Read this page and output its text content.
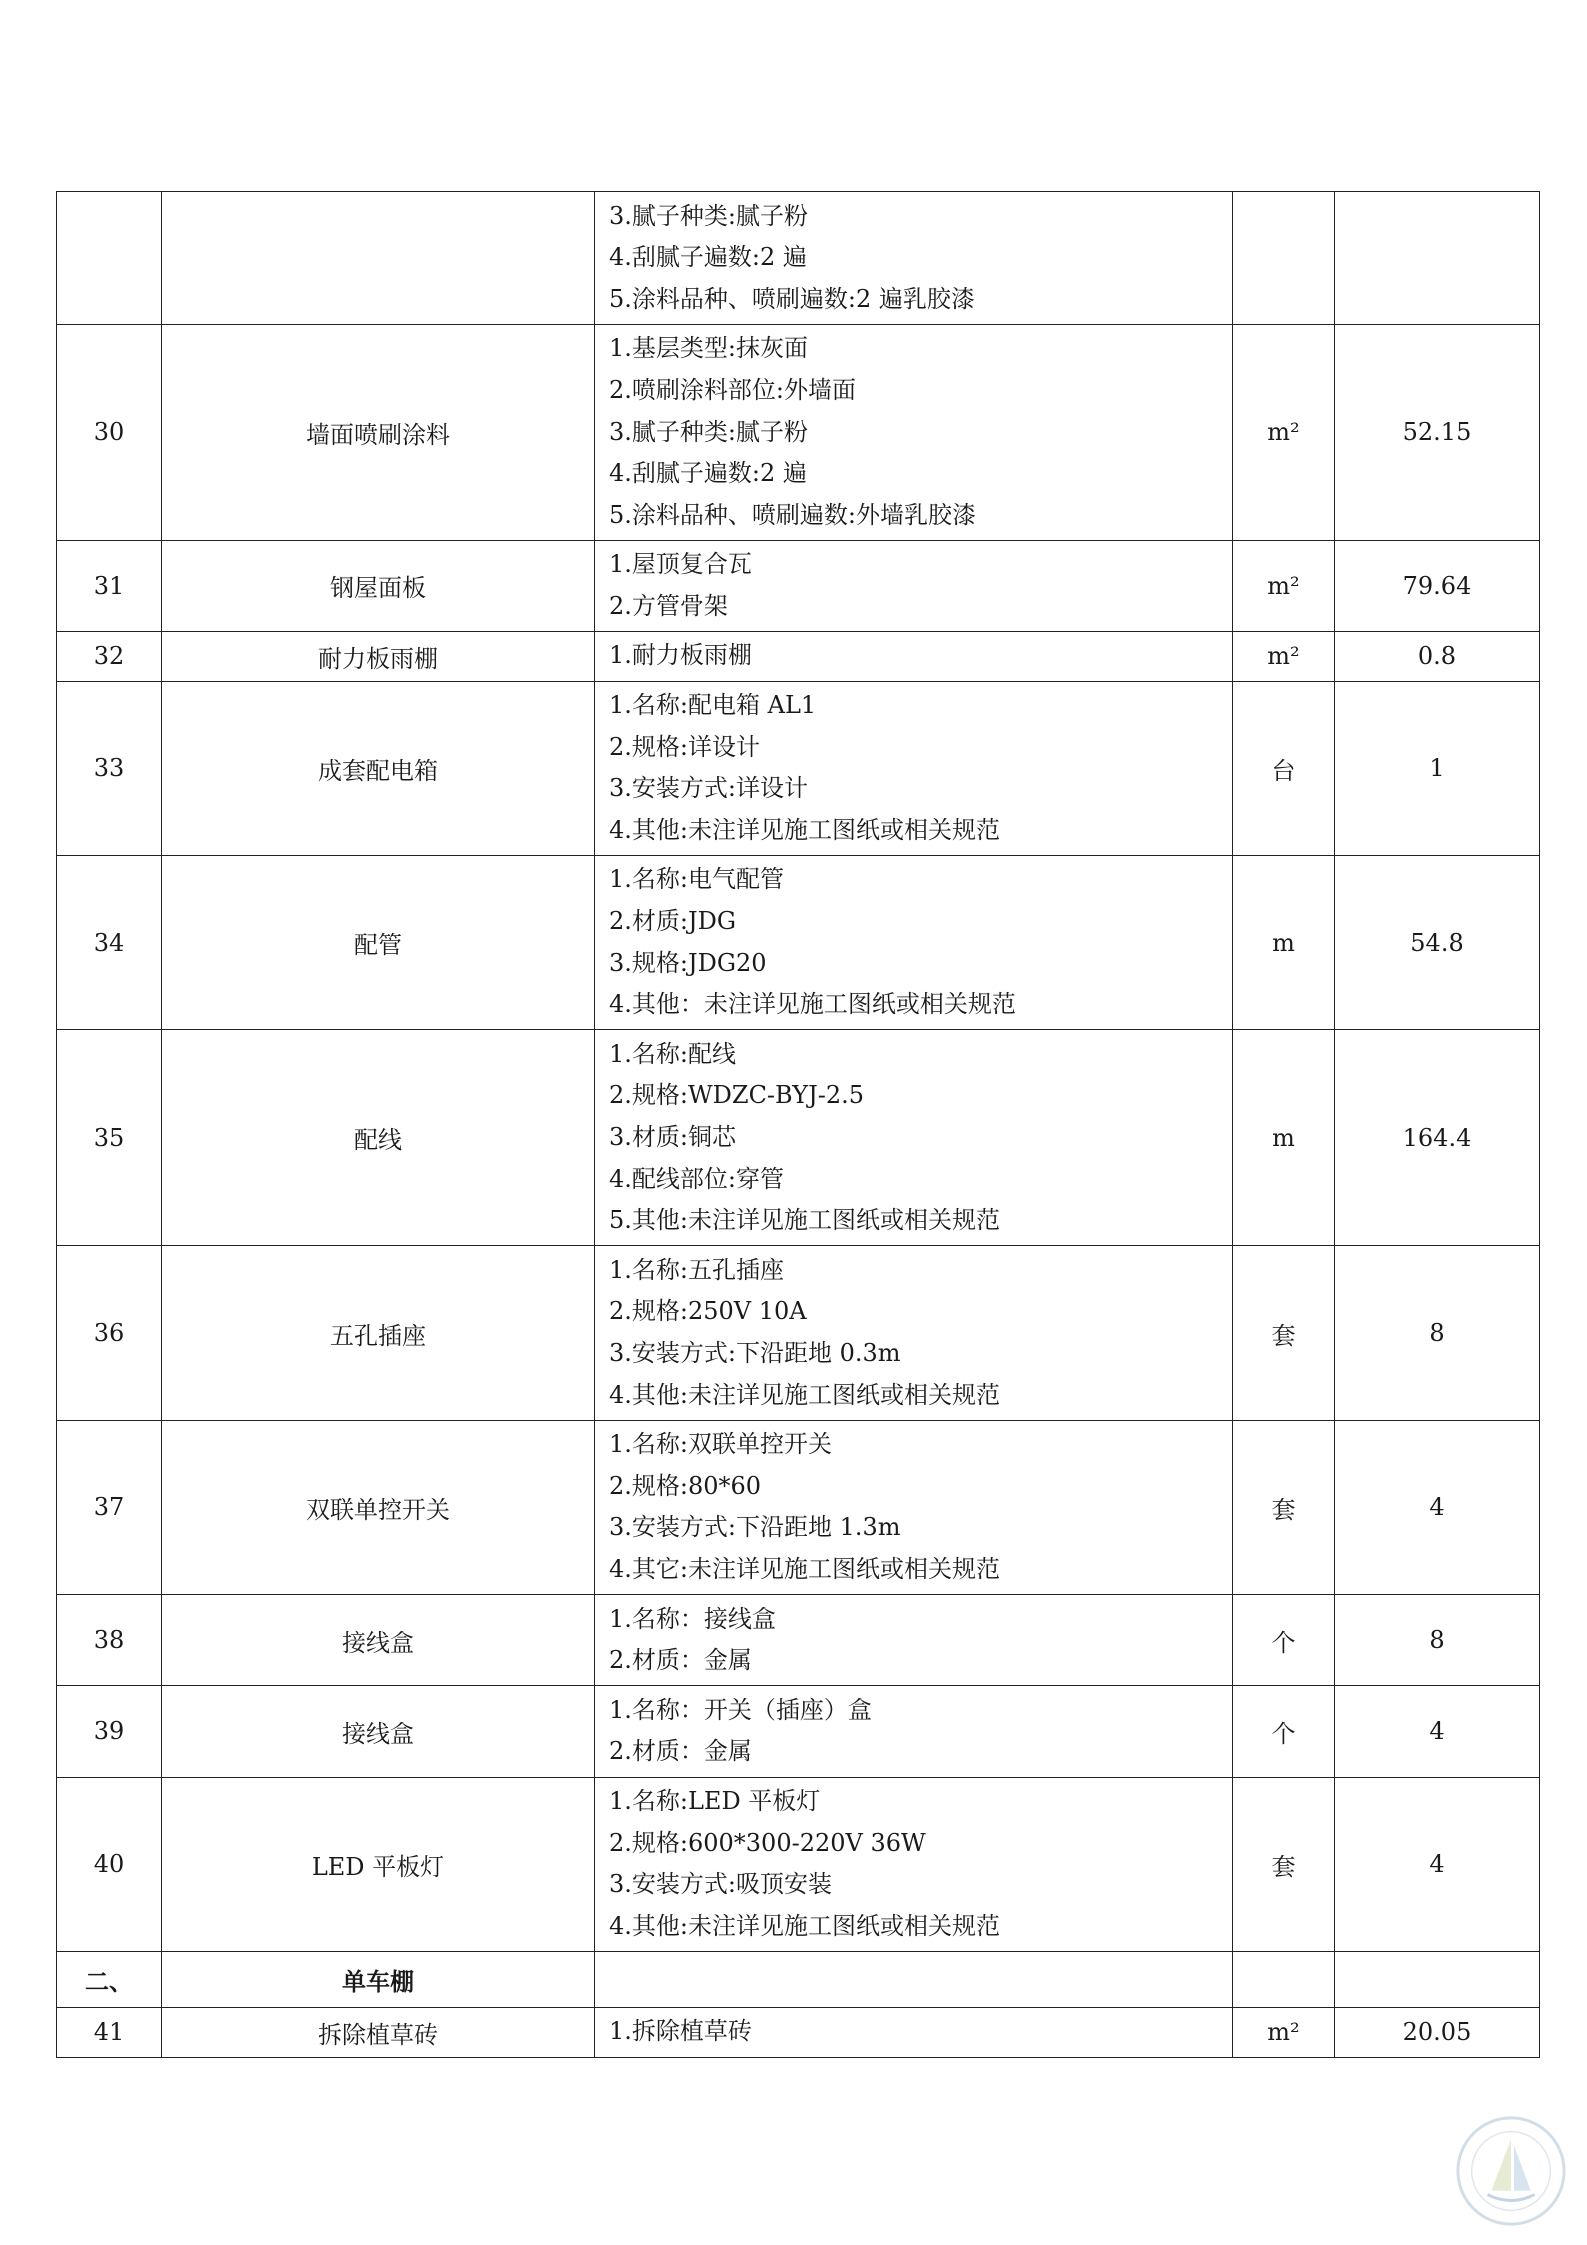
		3.腻子种类:腻子粉
4.刮腻子遍数:2 遍
5.涂料品种、喷刷遍数:2 遍乳胶漆		

30	墙面喷刷涂料	1.基层类型:抹灰面
2.喷刷涂料部位:外墙面
3.腻子种类:腻子粉
4.刮腻子遍数:2 遍
5.涂料品种、喷刷遍数:外墙乳胶漆	m²	52.15
31	钢屋面板	1.屋顶复合瓦
2.方管骨架	m²	79.64
32	耐力板雨棚	1.耐力板雨棚	m²	0.8
33	成套配电箱	1.名称:配电箱 AL1
2.规格:详设计
3.安装方式:详设计
4.其他:未注详见施工图纸或相关规范	台	1
34	配管	1.名称:电气配管
2.材质:JDG
3.规格:JDG20
4.其他：未注详见施工图纸或相关规范	m	54.8
35	配线	1.名称:配线
2.规格:WDZC-BYJ-2.5
3.材质:铜芯
4.配线部位:穿管
5.其他:未注详见施工图纸或相关规范	m	164.4
36	五孔插座	1.名称:五孔插座
2.规格:250V 10A
3.安装方式:下沿距地 0.3m
4.其他:未注详见施工图纸或相关规范	套	8
37	双联单控开关	1.名称:双联单控开关
2.规格:80*60
3.安装方式:下沿距地 1.3m
4.其它:未注详见施工图纸或相关规范	套	4
38	接线盒	1.名称：接线盒
2.材质：金属	个	8
39	接线盒	1.名称：开关（插座）盒
2.材质：金属	个	4
40	LED 平板灯	1.名称:LED 平板灯
2.规格:600*300-220V 36W
3.安装方式:吸顶安装
4.其他:未注详见施工图纸或相关规范	套	4
二、	单车棚			
41	拆除植草砖	1.拆除植草砖	m²	20.05
